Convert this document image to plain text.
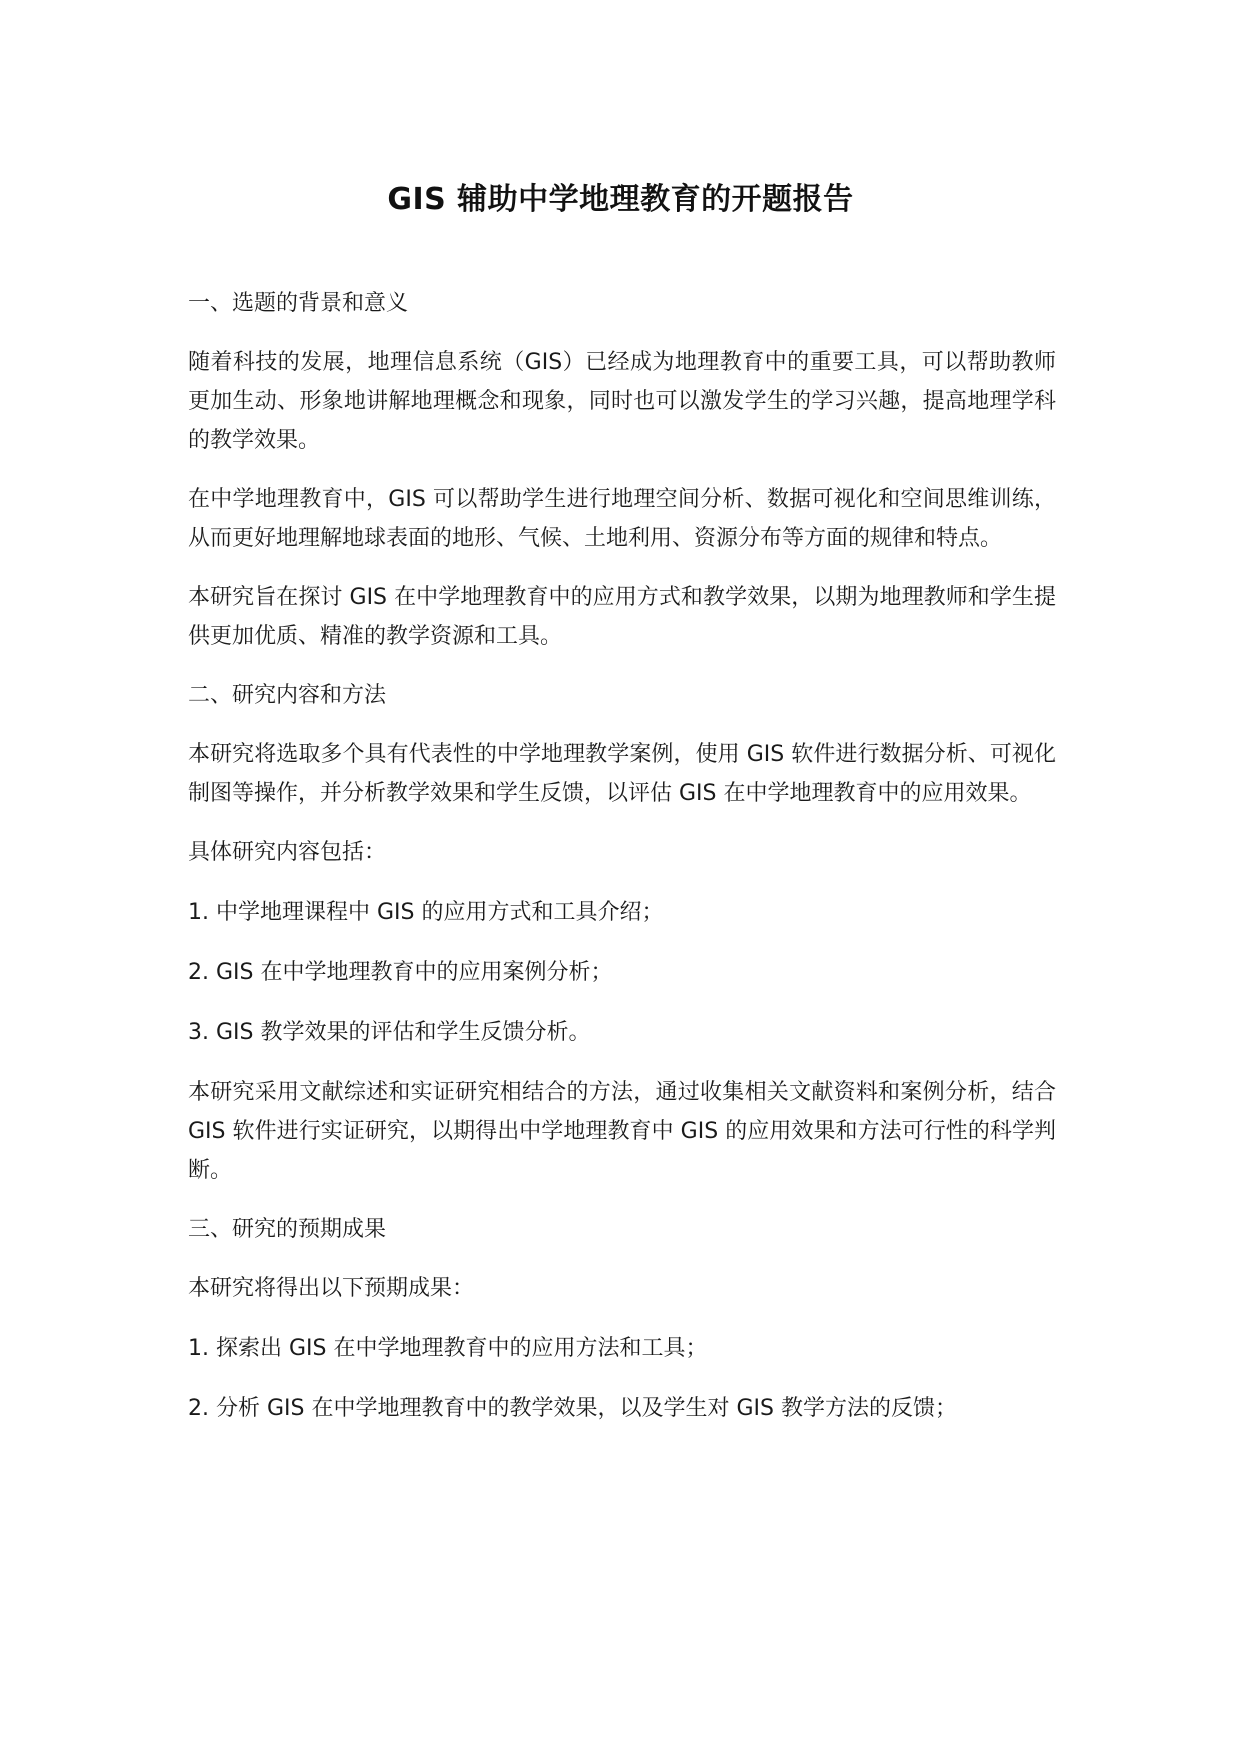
GIS 辅助中学地理教育的开题报告
一、选题的背景和意义

随着科技的发展，地理信息系统（GIS）已经成为地理教育中的重要工具，可以帮助教师更加生动、形象地讲解地理概念和现象，同时也可以激发学生的学习兴趣，提高地理学科的教学效果。

在中学地理教育中，GIS 可以帮助学生进行地理空间分析、数据可视化和空间思维训练，从而更好地理解地球表面的地形、气候、土地利用、资源分布等方面的规律和特点。

本研究旨在探讨 GIS 在中学地理教育中的应用方式和教学效果，以期为地理教师和学生提供更加优质、精准的教学资源和工具。

二、研究内容和方法

本研究将选取多个具有代表性的中学地理教学案例，使用 GIS 软件进行数据分析、可视化制图等操作，并分析教学效果和学生反馈，以评估 GIS 在中学地理教育中的应用效果。

具体研究内容包括：
1. 中学地理课程中 GIS 的应用方式和工具介绍；
2. GIS 在中学地理教育中的应用案例分析；
3. GIS 教学效果的评估和学生反馈分析。

本研究采用文献综述和实证研究相结合的方法，通过收集相关文献资料和案例分析，结合 GIS 软件进行实证研究，以期得出中学地理教育中 GIS 的应用效果和方法可行性的科学判断。

三、研究的预期成果
本研究将得出以下预期成果：
1. 探索出 GIS 在中学地理教育中的应用方法和工具；
2. 分析 GIS 在中学地理教育中的教学效果，以及学生对 GIS 教学方法的反馈；
